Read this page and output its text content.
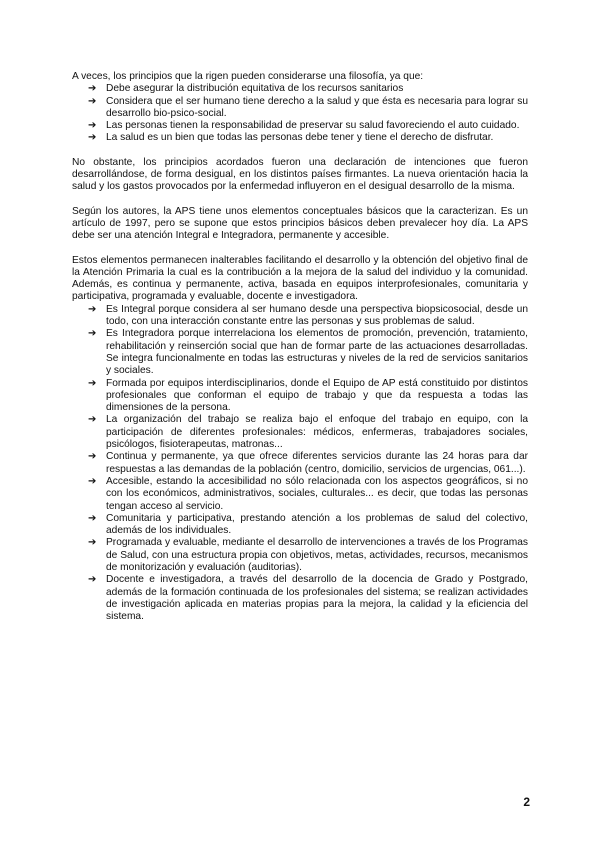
A veces, los principios que la rigen pueden considerarse una filosofía, ya que:

➔ Debe asegurar la distribución equitativa de los recursos sanitarios
➔ Considera que el ser humano tiene derecho a la salud y que ésta es necesaria para lograr su desarrollo bio-psico-social.
➔ Las personas tienen la responsabilidad de preservar su salud favoreciendo el auto cuidado.
➔ La salud es un bien que todas las personas debe tener y tiene el derecho de disfrutar.

No obstante, los principios acordados fueron una declaración de intenciones que fueron desarrollándose, de forma desigual, en los distintos países firmantes. La nueva orientación hacia la salud y los gastos provocados por la enfermedad influyeron en el desigual desarrollo de la misma.

Según los autores, la APS tiene unos elementos conceptuales básicos que la caracterizan. Es un artículo de 1997, pero se supone que estos principios básicos deben prevalecer hoy día. La APS debe ser una atención Integral e Integradora, permanente y accesible.

Estos elementos permanecen inalterables facilitando el desarrollo y la obtención del objetivo final de la Atención Primaria la cual es la contribución a la mejora de la salud del individuo y la comunidad. Además, es continua y permanente, activa, basada en equipos interprofesionales, comunitaria y participativa, programada y evaluable, docente e investigadora.

➔ Es Integral porque considera al ser humano desde una perspectiva biopsicosocial, desde un todo, con una interacción constante entre las personas y sus problemas de salud.
➔ Es Integradora porque interrelaciona los elementos de promoción, prevención, tratamiento, rehabilitación y reinserción social que han de formar parte de las actuaciones desarrolladas. Se integra funcionalmente en todas las estructuras y niveles de la red de servicios sanitarios y sociales.
➔ Formada por equipos interdisciplinarios, donde el Equipo de AP está constituido por distintos profesionales que conforman el equipo de trabajo y que da respuesta a todas las dimensiones de la persona.
➔ La organización del trabajo se realiza bajo el enfoque del trabajo en equipo, con la participación de diferentes profesionales: médicos, enfermeras, trabajadores sociales, psicólogos, fisioterapeutas, matronas...
➔ Continua y permanente, ya que ofrece diferentes servicios durante las 24 horas para dar respuestas a las demandas de la población (centro, domicilio, servicios de urgencias, 061...).
➔ Accesible, estando la accesibilidad no sólo relacionada con los aspectos geográficos, si no con los económicos, administrativos, sociales, culturales... es decir, que todas las personas tengan acceso al servicio.
➔ Comunitaria y participativa, prestando atención a los problemas de salud del colectivo, además de los individuales.
➔ Programada y evaluable, mediante el desarrollo de intervenciones a través de los Programas de Salud, con una estructura propia con objetivos, metas, actividades, recursos, mecanismos de monitorización y evaluación (auditorias).
➔ Docente e investigadora, a través del desarrollo de la docencia de Grado y Postgrado, además de la formación continuada de los profesionales del sistema; se realizan actividades de investigación aplicada en materias propias para la mejora, la calidad y la eficiencia del sistema.
2
